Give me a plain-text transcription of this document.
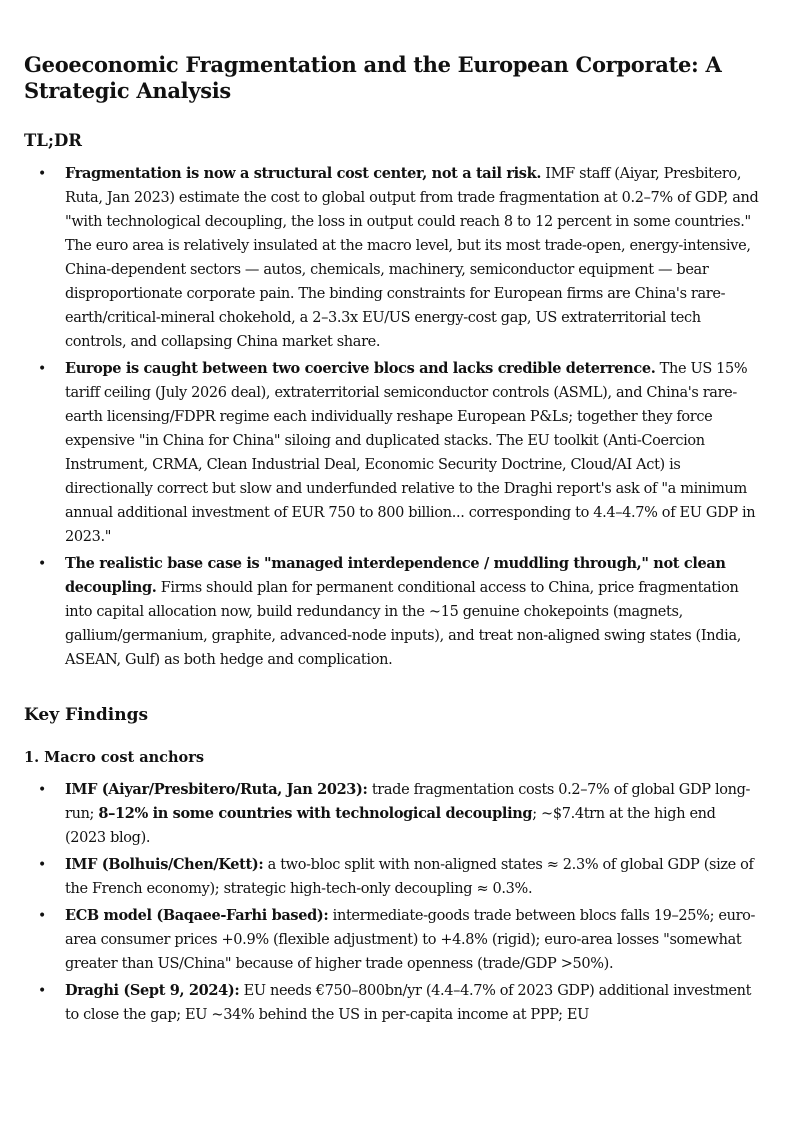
Geoeconomic Fragmentation and the European Corporate: A Strategic Analysis
TL;DR
• Fragmentation is now a structural cost center, not a tail risk. IMF staff (Aiyar, Presbitero, Ruta, Jan 2023) estimate the cost to global output from trade fragmentation at 0.2–7% of GDP, and "with technological decoupling, the loss in output could reach 8 to 12 percent in some countries." The euro area is relatively insulated at the macro level, but its most trade-open, energy-intensive, China-dependent sectors — autos, chemicals, machinery, semiconductor equipment — bear disproportionate corporate pain. The binding constraints for European firms are China's rare-earth/critical-mineral chokehold, a 2–3.3x EU/US energy-cost gap, US extraterritorial tech controls, and collapsing China market share.
• Europe is caught between two coercive blocs and lacks credible deterrence. The US 15% tariff ceiling (July 2026 deal), extraterritorial semiconductor controls (ASML), and China's rare-earth licensing/FDPR regime each individually reshape European P&Ls; together they force expensive "in China for China" siloing and duplicated stacks. The EU toolkit (Anti-Coercion Instrument, CRMA, Clean Industrial Deal, Economic Security Doctrine, Cloud/AI Act) is directionally correct but slow and underfunded relative to the Draghi report's ask of "a minimum annual additional investment of EUR 750 to 800 billion... corresponding to 4.4–4.7% of EU GDP in 2023."
• The realistic base case is "managed interdependence / muddling through," not clean decoupling. Firms should plan for permanent conditional access to China, price fragmentation into capital allocation now, build redundancy in the ~15 genuine chokepoints (magnets, gallium/germanium, graphite, advanced-node inputs), and treat non-aligned swing states (India, ASEAN, Gulf) as both hedge and complication.
Key Findings
1. Macro cost anchors
• IMF (Aiyar/Presbitero/Ruta, Jan 2023): trade fragmentation costs 0.2–7% of global GDP long-run; 8–12% in some countries with technological decoupling; ~$7.4trn at the high end (2023 blog).
• IMF (Bolhuis/Chen/Kett): a two-bloc split with non-aligned states ≈ 2.3% of global GDP (size of the French economy); strategic high-tech-only decoupling ≈ 0.3%.
• ECB model (Baqaee-Farhi based): intermediate-goods trade between blocs falls 19–25%; euro-area consumer prices +0.9% (flexible adjustment) to +4.8% (rigid); euro-area losses "somewhat greater than US/China" because of higher trade openness (trade/GDP >50%).
• Draghi (Sept 9, 2024): EU needs €750–800bn/yr (4.4–4.7% of 2023 GDP) additional investment to close the gap; EU ~34% behind the US in per-capita income at PPP; EU
